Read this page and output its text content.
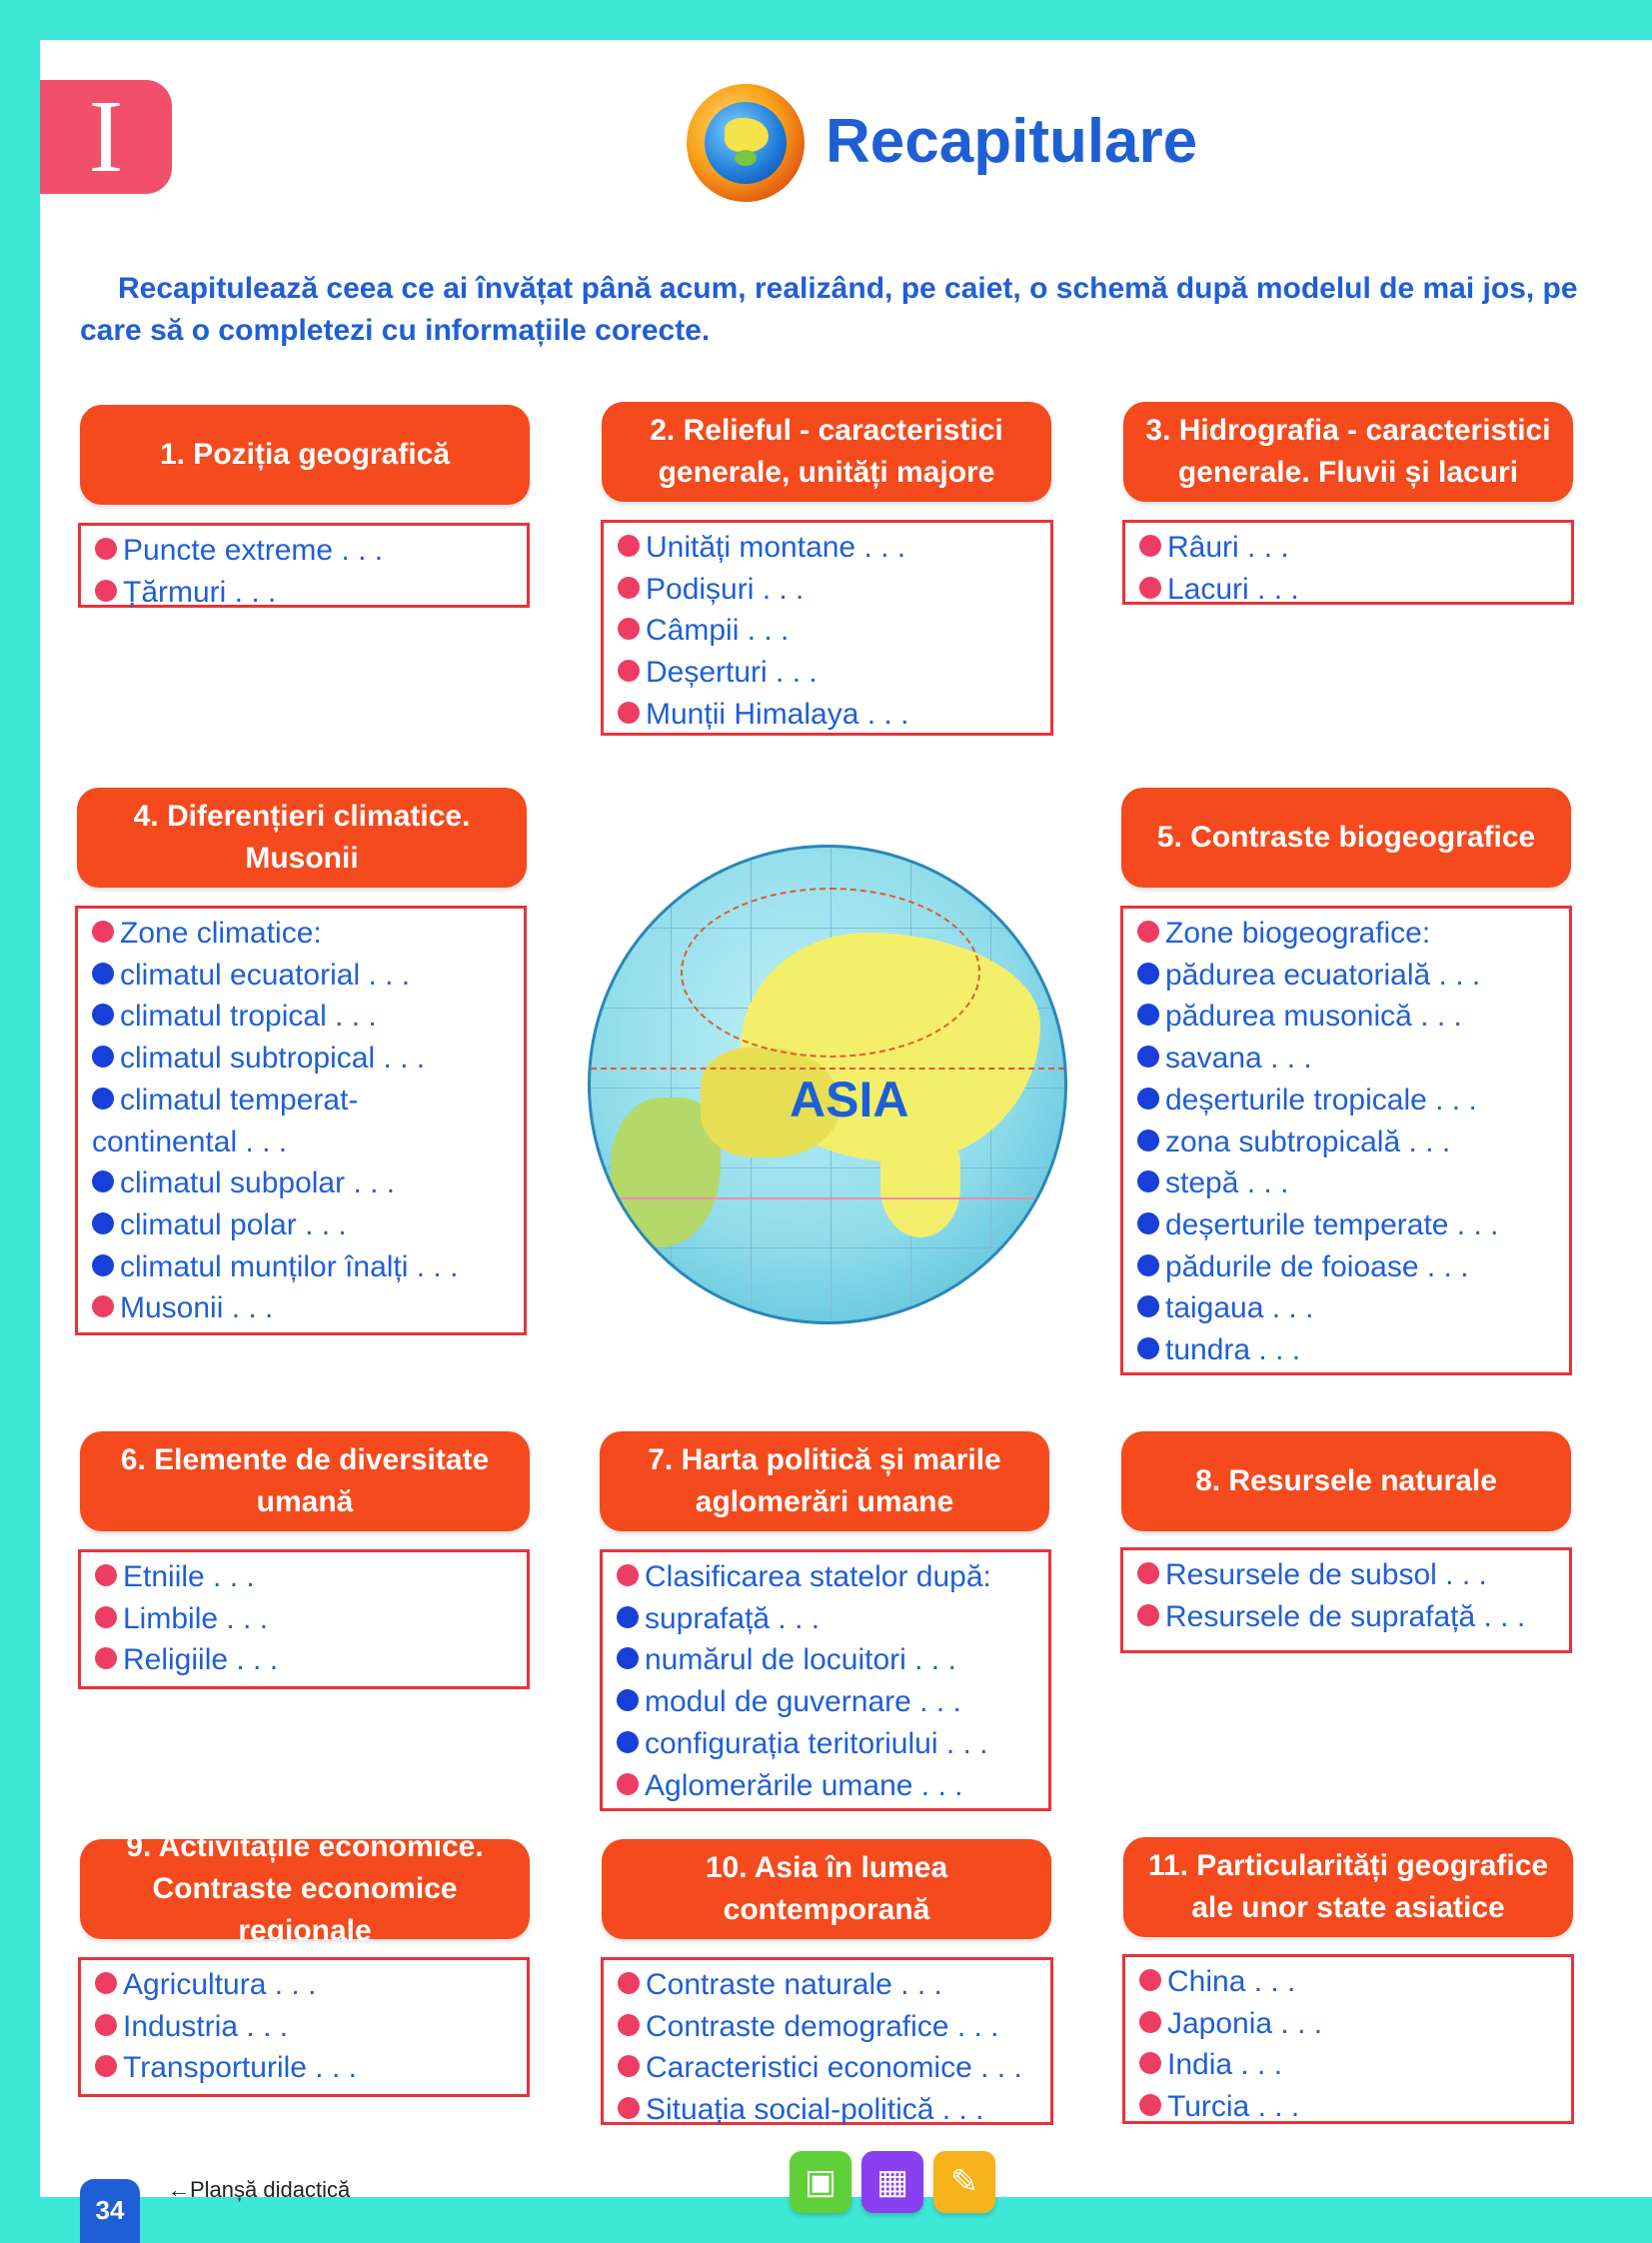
I	Recapitulare
Recapitulează ceea ce ai învățat până acum, realizând, pe caiet, o schemă după modelul de mai jos, pe care să o completezi cu informațiile corecte.
1. Poziția geografică
Puncte extreme . . .
Țărmuri . . .
2. Relieful - caracteristici
generale, unități majore
Unități montane . . .
Podișuri . . .
Câmpii . . .
Deșerturi . . .
Munții Himalaya . . .
3. Hidrografia - caracteristici
generale. Fluvii și lacuri
Râuri . . .
Lacuri . . .
4. Diferențieri climatice.
Musonii
Zone climatice:
climatul ecuatorial . . .
climatul tropical . . .
climatul subtropical . . .
climatul temperat-
continental . . .
climatul subpolar . . .
climatul polar . . .
climatul munților înalți . . .
Musonii . . .
ASIA
5. Contraste biogeografice
Zone biogeografice:
pădurea ecuatorială . . .
pădurea musonică . . .
savana . . .
deșerturile tropicale . . .
zona subtropicală . . .
stepă . . .
deșerturile temperate . . .
pădurile de foioase . . .
taigaua . . .
tundra . . .
6. Elemente de diversitate
umană
Etniile . . .
Limbile . . .
Religiile . . .
7. Harta politică și marile
aglomerări umane
Clasificarea statelor după:
suprafață . . .
numărul de locuitori . . .
modul de guvernare . . .
configurația teritoriului . . .
Aglomerările umane . . .
8. Resursele naturale
Resursele de subsol . . .
Resursele de suprafață . . .
9. Activitățile economice.
Contraste economice regionale
Agricultura . . .
Industria . . .
Transporturile . . .
10. Asia în lumea
contemporană
Contraste naturale . . .
Contraste demografice . . .
Caracteristici economice . . .
Situația social-politică . . .
11. Particularități geografice
ale unor state asiatice
China . . .
Japonia . . .
India . . .
Turcia . . .
34
←Planșă didactică	▣ ▦ ✎
